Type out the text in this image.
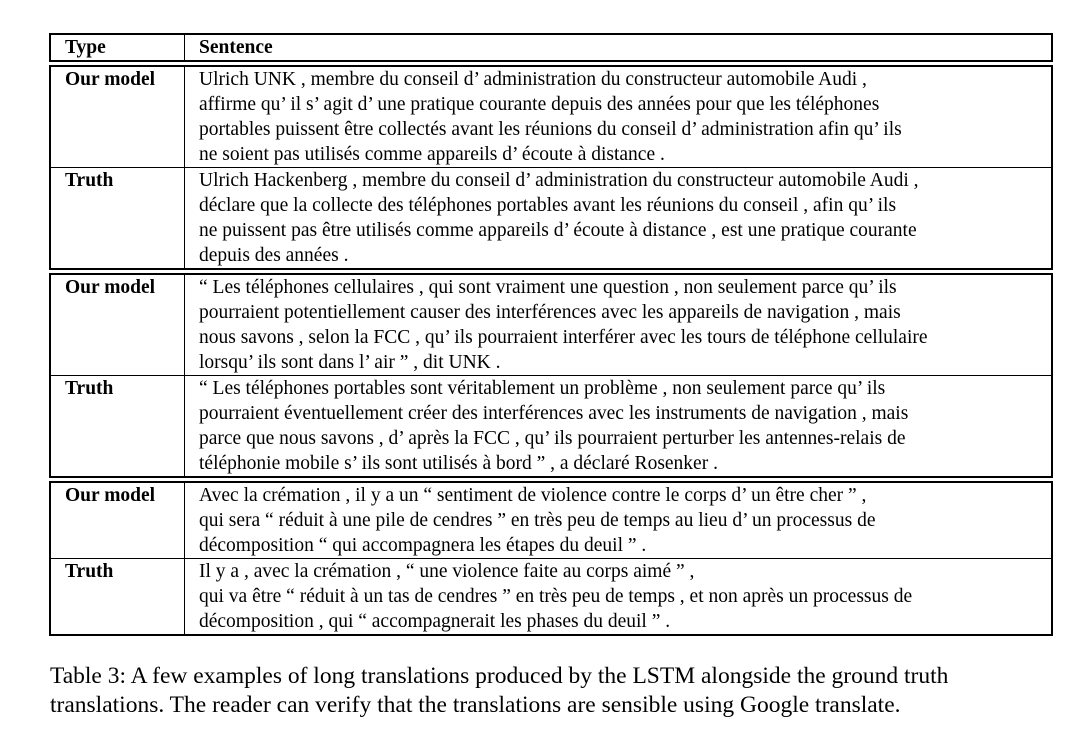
Type	Sentence
Our model	Ulrich UNK , membre du conseil d’ administration du constructeur automobile Audi ,
affirme qu’ il s’ agit d’ une pratique courante depuis des années pour que les téléphones
portables puissent être collectés avant les réunions du conseil d’ administration afin qu’ ils
ne soient pas utilisés comme appareils d’ écoute à distance .
Truth	Ulrich Hackenberg , membre du conseil d’ administration du constructeur automobile Audi ,
déclare que la collecte des téléphones portables avant les réunions du conseil , afin qu’ ils
ne puissent pas être utilisés comme appareils d’ écoute à distance , est une pratique courante
depuis des années .
Our model	“ Les téléphones cellulaires , qui sont vraiment une question , non seulement parce qu’ ils
pourraient potentiellement causer des interférences avec les appareils de navigation , mais
nous savons , selon la FCC , qu’ ils pourraient interférer avec les tours de téléphone cellulaire
lorsqu’ ils sont dans l’ air ” , dit UNK .
Truth	“ Les téléphones portables sont véritablement un problème , non seulement parce qu’ ils
pourraient éventuellement créer des interférences avec les instruments de navigation , mais
parce que nous savons , d’ après la FCC , qu’ ils pourraient perturber les antennes-relais de
téléphonie mobile s’ ils sont utilisés à bord ” , a déclaré Rosenker .
Our model	Avec la crémation , il y a un “ sentiment de violence contre le corps d’ un être cher ” ,
qui sera “ réduit à une pile de cendres ” en très peu de temps au lieu d’ un processus de
décomposition “ qui accompagnera les étapes du deuil ” .
Truth	Il y a , avec la crémation , “ une violence faite au corps aimé ” ,
qui va être “ réduit à un tas de cendres ” en très peu de temps , et non après un processus de
décomposition , qui “ accompagnerait les phases du deuil ” .
Table 3: A few examples of long translations produced by the LSTM alongside the ground truth
translations. The reader can verify that the translations are sensible using Google translate.
